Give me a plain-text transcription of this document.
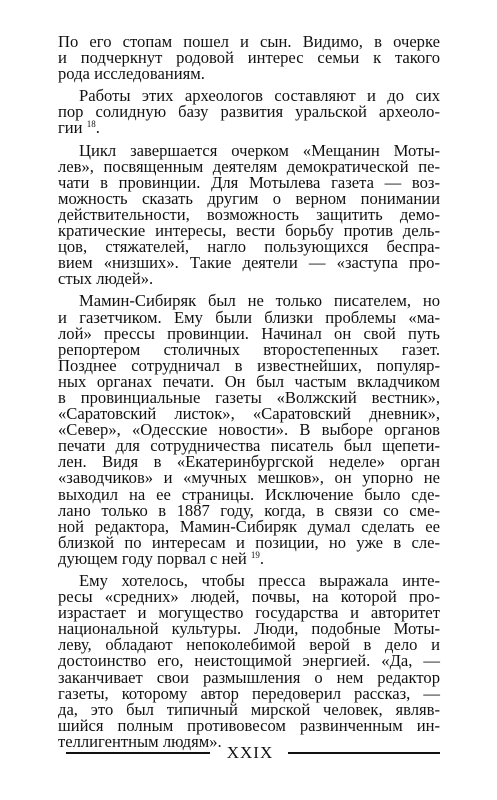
По его стопам пошел и сын. Видимо, в очерке
и подчеркнут родовой интерес семьи к такого
рода исследованиям.

Работы этих археологов составляют и до сих
пор солидную базу развития уральской археоло-
гии $^{18}$.

Цикл завершается очерком «Мещанин Моты-
лев», посвященным деятелям демократической пе-
чати в провинции. Для Мотылева газета — воз-
можность сказать другим о верном понимании
действительности, возможность защитить демо-
кратические интересы, вести борьбу против дель-
цов, стяжателей, нагло пользующихся беспра-
вием «низших». Такие деятели — «заступа про-
стых людей».

Мамин-Сибиряк был не только писателем, но
и газетчиком. Ему были близки проблемы «ма-
лой» прессы провинции. Начинал он свой путь
репортером столичных второстепенных газет.
Позднее сотрудничал в известнейших, популяр-
ных органах печати. Он был частым вкладчиком
в провинциальные газеты «Волжский вестник»,
«Саратовский листок», «Саратовский дневник»,
«Север», «Одесские новости». В выборе органов
печати для сотрудничества писатель был щепети-
лен. Видя в «Екатеринбургской неделе» орган
«заводчиков» и «мучных мешков», он упорно не
выходил на ее страницы. Исключение было сде-
лано только в 1887 году, когда, в связи со сме-
ной редактора, Мамин-Сибиряк думал сделать ее
близкой по интересам и позиции, но уже в сле-
дующем году порвал с ней $^{19}$.

Ему хотелось, чтобы пресса выражала инте-
ресы «средних» людей, почвы, на которой про-
израстает и могущество государства и авторитет
национальной культуры. Люди, подобные Моты-
леву, обладают непоколебимой верой в дело и
достоинство его, неистощимой энергией. «Да, —
заканчивает свои размышления о нем редактор
газеты, которому автор передоверил рассказ, —
да, это был типичный мирской человек, являв-
шийся полным противовесом развинченным ин-
теллигентным людям».

XXIX
